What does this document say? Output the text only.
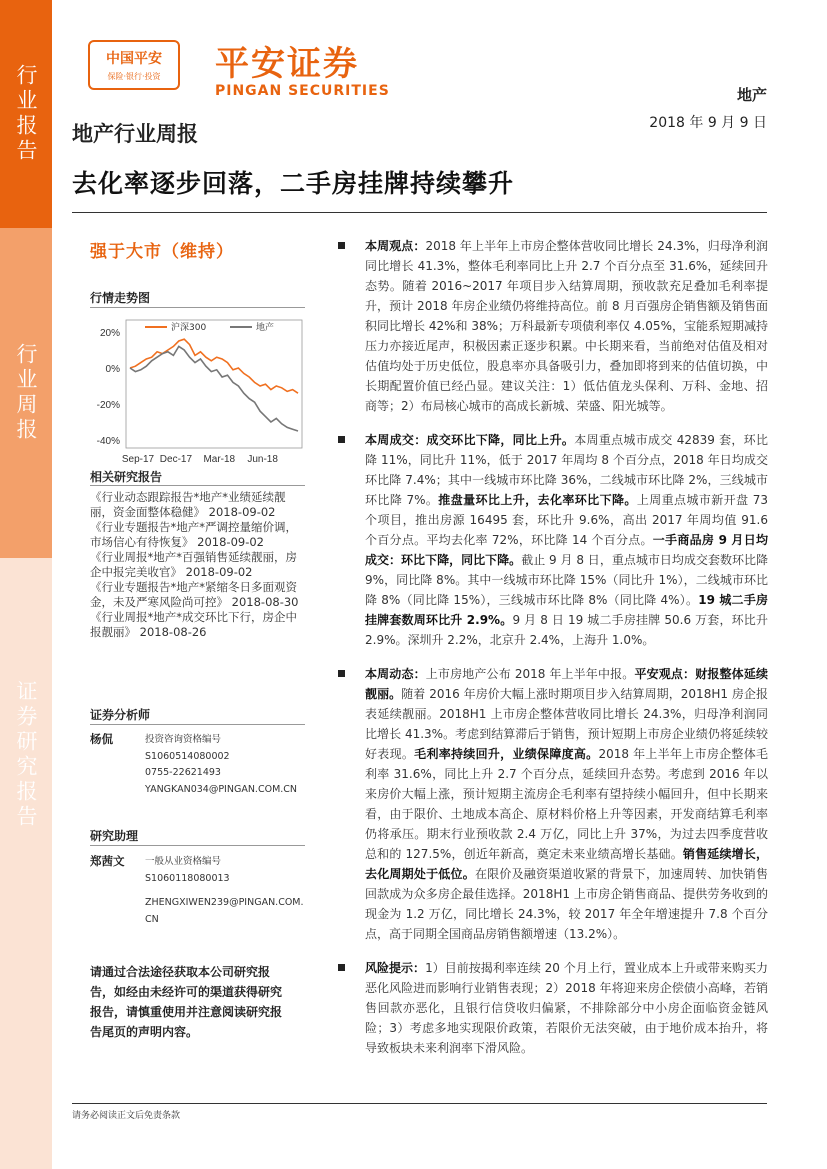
行业报告
行业周报
证券研究报告
中国平安
保险·银行·投资 平安证券
PINGAN SECURITIES	地产
地产行业周报	2018 年 9 月 9 日
去化率逐步回落，二手房挂牌持续攀升
强于大市（维持）
行情走势图
20%
0%
-20%
-40%
Sep-17 Dec-17 Mar-18 Jun-18
沪深300	地产
相关研究报告
《行业动态跟踪报告*地产*业绩延续靓丽，资金面整体稳健》 2018-09-02
《行业专题报告*地产*严调控量缩价调，市场信心有待恢复》 2018-09-02
《行业周报*地产*百强销售延续靓丽，房企中报完美收官》 2018-09-02
《行业专题报告*地产*紧缩冬日多面观资金，未及严寒风险尚可控》 2018-08-30
《行业周报*地产*成交环比下行，房企中报靓丽》 2018-08-26
证券分析师
杨侃	投资咨询资格编号
S1060514080002
0755-22621493
YANGKAN034@PINGAN.COM.CN
研究助理
郑茜文 一般从业资格编号
S1060118080013
ZHENGXIWEN239@PINGAN.COM.CN
请通过合法途径获取本公司研究报告，如经由未经许可的渠道获得研究报告，请慎重使用并注意阅读研究报告尾页的声明内容。
本周观点：2018 年上半年上市房企整体营收同比增长 24.3%，归母净利润同比增长 41.3%，整体毛利率同比上升 2.7 个百分点至 31.6%，延续回升态势。随着 2016~2017 年项目步入结算周期，预收款充足叠加毛利率提升，预计 2018 年房企业绩仍将维持高位。前 8 月百强房企销售额及销售面积同比增长 42%和 38%；万科最新专项债利率仅 4.05%，宝能系短期减持压力亦接近尾声，积极因素正逐步积累。中长期来看，当前绝对估值及相对估值均处于历史低位，股息率亦具备吸引力，叠加即将到来的估值切换，中长期配置价值已经凸显。建议关注：1）低估值龙头保利、万科、金地、招商等；2）布局核心城市的高成长新城、荣盛、阳光城等。
本周成交：成交环比下降，同比上升。本周重点城市成交 42839 套，环比降 11%，同比升 11%，低于 2017 年周均 8 个百分点，2018 年日均成交环比降 7.4%；其中一线城市环比降 36%，二线城市环比降 2%，三线城市环比降 7%。推盘量环比上升，去化率环比下降。上周重点城市新开盘 73 个项目，推出房源 16495 套，环比升 9.6%，高出 2017 年周均值 91.6 个百分点。平均去化率 72%，环比降 14 个百分点。一手商品房 9 月日均成交：环比下降，同比下降。截止 9 月 8 日，重点城市日均成交套数环比降 9%，同比降 8%。其中一线城市环比降 15%（同比升 1%），二线城市环比降 8%（同比降 15%），三线城市环比降 8%（同比降 4%）。19 城二手房挂牌套数周环比升 2.9%。9 月 8 日 19 城二手房挂牌 50.6 万套，环比升 2.9%。深圳升 2.2%，北京升 2.4%，上海升 1.0%。
本周动态：上市房地产公布 2018 年上半年中报。平安观点：财报整体延续靓丽。随着 2016 年房价大幅上涨时期项目步入结算周期，2018H1 房企报表延续靓丽。2018H1 上市房企整体营收同比增长 24.3%，归母净利润同比增长 41.3%。考虑到结算滞后于销售，预计短期上市房企业绩仍将延续较好表现。毛利率持续回升，业绩保障度高。2018 年上半年上市房企整体毛利率 31.6%，同比上升 2.7 个百分点，延续回升态势。考虑到 2016 年以来房价大幅上涨，预计短期主流房企毛利率有望持续小幅回升，但中长期来看，由于限价、土地成本高企、原材料价格上升等因素，开发商结算毛利率仍将承压。期末行业预收款 2.4 万亿，同比上升 37%，为过去四季度营收总和的 127.5%，创近年新高，奠定未来业绩高增长基础。销售延续增长，去化周期处于低位。在限价及融资渠道收紧的背景下，加速周转、加快销售回款成为众多房企最佳选择。2018H1 上市房企销售商品、提供劳务收到的现金为 1.2 万亿，同比增长 24.3%，较 2017 年全年增速提升 7.8 个百分点，高于同期全国商品房销售额增速（13.2%）。
风险提示：1）目前按揭利率连续 20 个月上行，置业成本上升或带来购买力恶化风险进而影响行业销售表现；2）2018 年将迎来房企偿债小高峰，若销售回款亦恶化，且银行信贷收归偏紧，不排除部分中小房企面临资金链风险；3）考虑多地实现限价政策，若限价无法突破，由于地价成本抬升，将导致板块未来利润率下滑风险。
请务必阅读正文后免责条款
